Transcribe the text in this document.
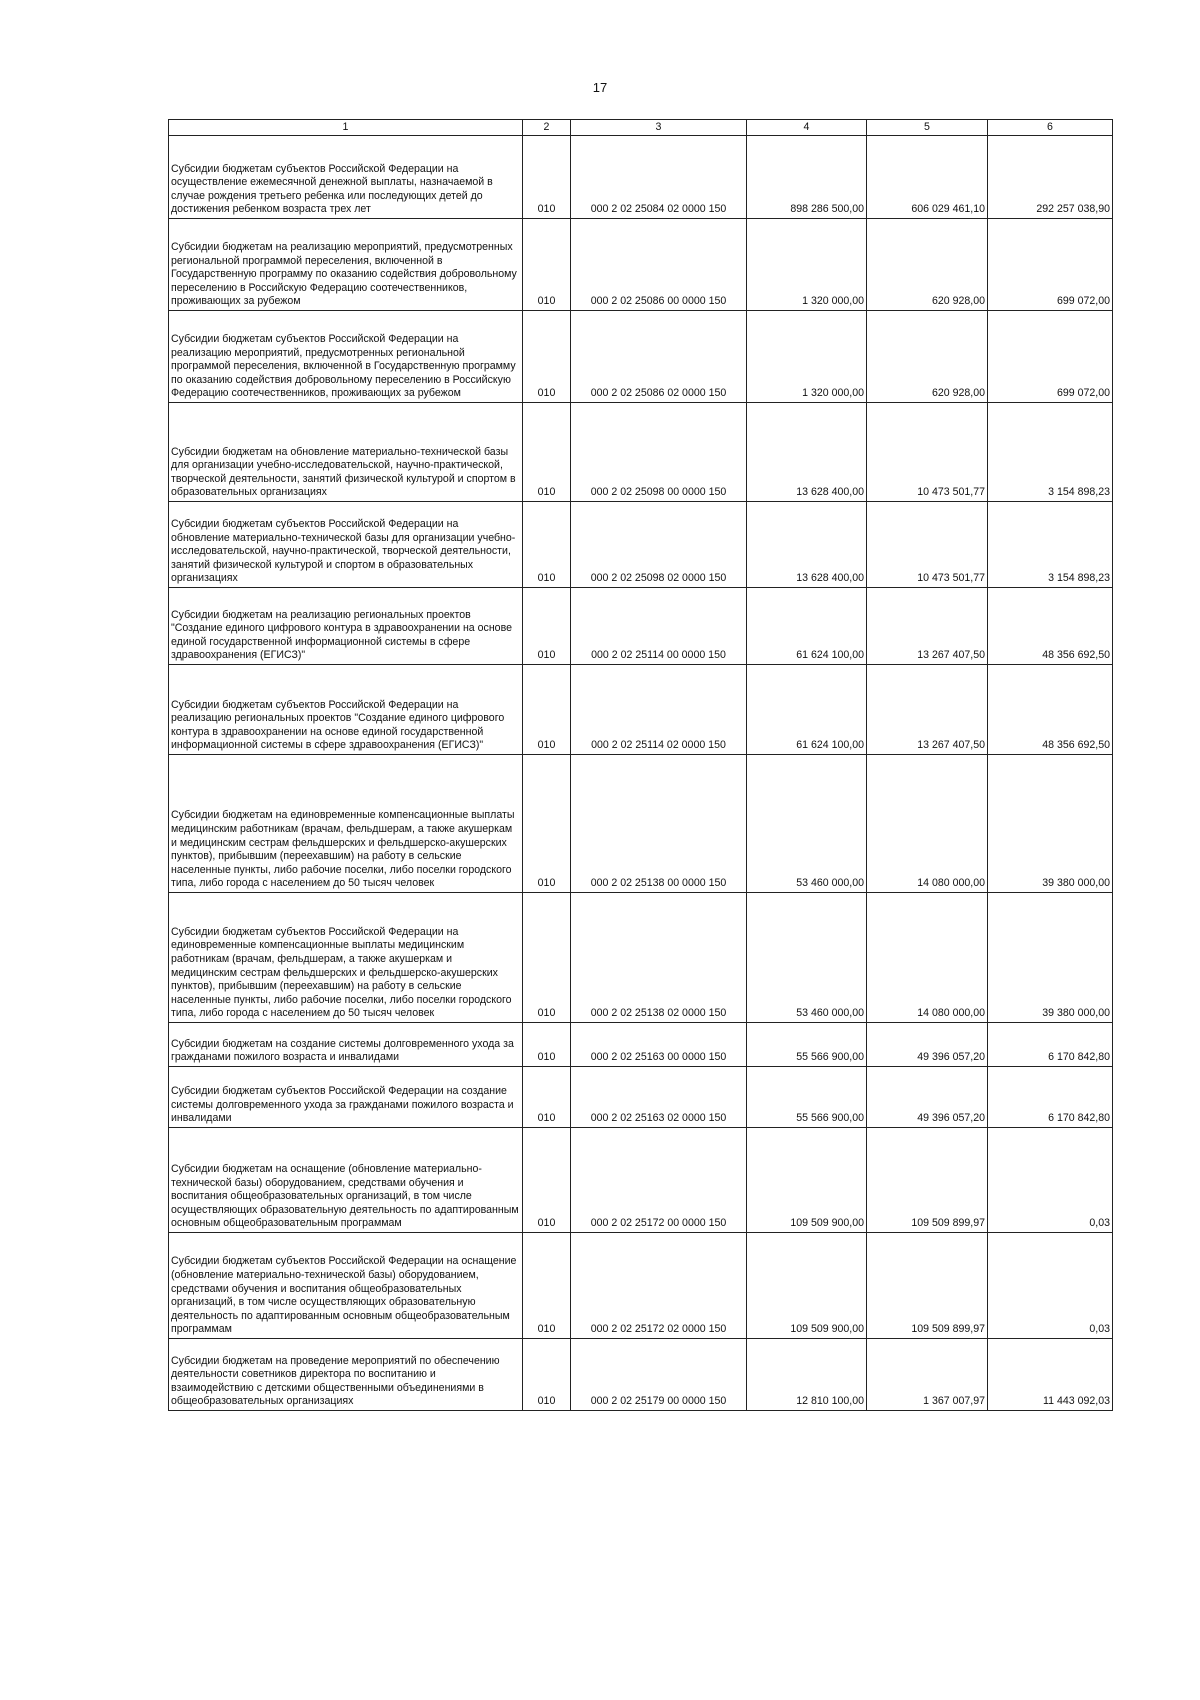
17
1	2	3	4	5	6
Субсидии бюджетам субъектов Российской Федерации на осуществление ежемесячной денежной выплаты, назначаемой в случае рождения третьего ребенка или последующих детей до достижения ребенком возраста трех лет	010	000 2 02 25084 02 0000 150	898 286 500,00	606 029 461,10	292 257 038,90
Субсидии бюджетам на реализацию мероприятий, предусмотренных региональной программой переселения, включенной в Государственную программу по оказанию содействия добровольному переселению в Российскую Федерацию соотечественников, проживающих за рубежом	010	000 2 02 25086 00 0000 150	1 320 000,00	620 928,00	699 072,00
Субсидии бюджетам субъектов Российской Федерации на реализацию мероприятий, предусмотренных региональной программой переселения, включенной в Государственную программу по оказанию содействия добровольному переселению в Российскую Федерацию соотечественников, проживающих за рубежом	010	000 2 02 25086 02 0000 150	1 320 000,00	620 928,00	699 072,00
Субсидии бюджетам на обновление материально-технической базы для организации учебно-исследовательской, научно-практической, творческой деятельности, занятий физической культурой и спортом в образовательных организациях	010	000 2 02 25098 00 0000 150	13 628 400,00	10 473 501,77	3 154 898,23
Субсидии бюджетам субъектов Российской Федерации на обновление материально-технической базы для организации учебно-исследовательской, научно-практической, творческой деятельности, занятий физической культурой и спортом в образовательных организациях	010	000 2 02 25098 02 0000 150	13 628 400,00	10 473 501,77	3 154 898,23
Субсидии бюджетам на реализацию региональных проектов "Создание единого цифрового контура в здравоохранении на основе единой государственной информационной системы в сфере здравоохранения (ЕГИСЗ)"	010	000 2 02 25114 00 0000 150	61 624 100,00	13 267 407,50	48 356 692,50
Субсидии бюджетам субъектов Российской Федерации на реализацию региональных проектов "Создание единого цифрового контура в здравоохранении на основе единой государственной информационной системы в сфере здравоохранения (ЕГИСЗ)"	010	000 2 02 25114 02 0000 150	61 624 100,00	13 267 407,50	48 356 692,50
Субсидии бюджетам на единовременные компенсационные выплаты медицинским работникам (врачам, фельдшерам, а также акушеркам и медицинским сестрам фельдшерских и фельдшерско-акушерских пунктов), прибывшим (переехавшим) на работу в сельские населенные пункты, либо рабочие поселки, либо поселки городского типа, либо города с населением до 50 тысяч человек	010	000 2 02 25138 00 0000 150	53 460 000,00	14 080 000,00	39 380 000,00
Субсидии бюджетам субъектов Российской Федерации на единовременные компенсационные выплаты медицинским работникам (врачам, фельдшерам, а также акушеркам и медицинским сестрам фельдшерских и фельдшерско-акушерских пунктов), прибывшим (переехавшим) на работу в сельские населенные пункты, либо рабочие поселки, либо поселки городского типа, либо города с населением до 50 тысяч человек	010	000 2 02 25138 02 0000 150	53 460 000,00	14 080 000,00	39 380 000,00
Субсидии бюджетам на создание системы долговременного ухода за гражданами пожилого возраста и инвалидами	010	000 2 02 25163 00 0000 150	55 566 900,00	49 396 057,20	6 170 842,80
Субсидии бюджетам субъектов Российской Федерации на создание системы долговременного ухода за гражданами пожилого возраста и инвалидами	010	000 2 02 25163 02 0000 150	55 566 900,00	49 396 057,20	6 170 842,80
Субсидии бюджетам на оснащение (обновление материально-технической базы) оборудованием, средствами обучения и воспитания общеобразовательных организаций, в том числе осуществляющих образовательную деятельность по адаптированным основным общеобразовательным программам	010	000 2 02 25172 00 0000 150	109 509 900,00	109 509 899,97	0,03
Субсидии бюджетам субъектов Российской Федерации на оснащение (обновление материально-технической базы) оборудованием, средствами обучения и воспитания общеобразовательных организаций, в том числе осуществляющих образовательную деятельность по адаптированным основным общеобразовательным программам	010	000 2 02 25172 02 0000 150	109 509 900,00	109 509 899,97	0,03
Субсидии бюджетам на проведение мероприятий по обеспечению деятельности советников директора по воспитанию и взаимодействию с детскими общественными объединениями в общеобразовательных организациях	010	000 2 02 25179 00 0000 150	12 810 100,00	1 367 007,97	11 443 092,03
